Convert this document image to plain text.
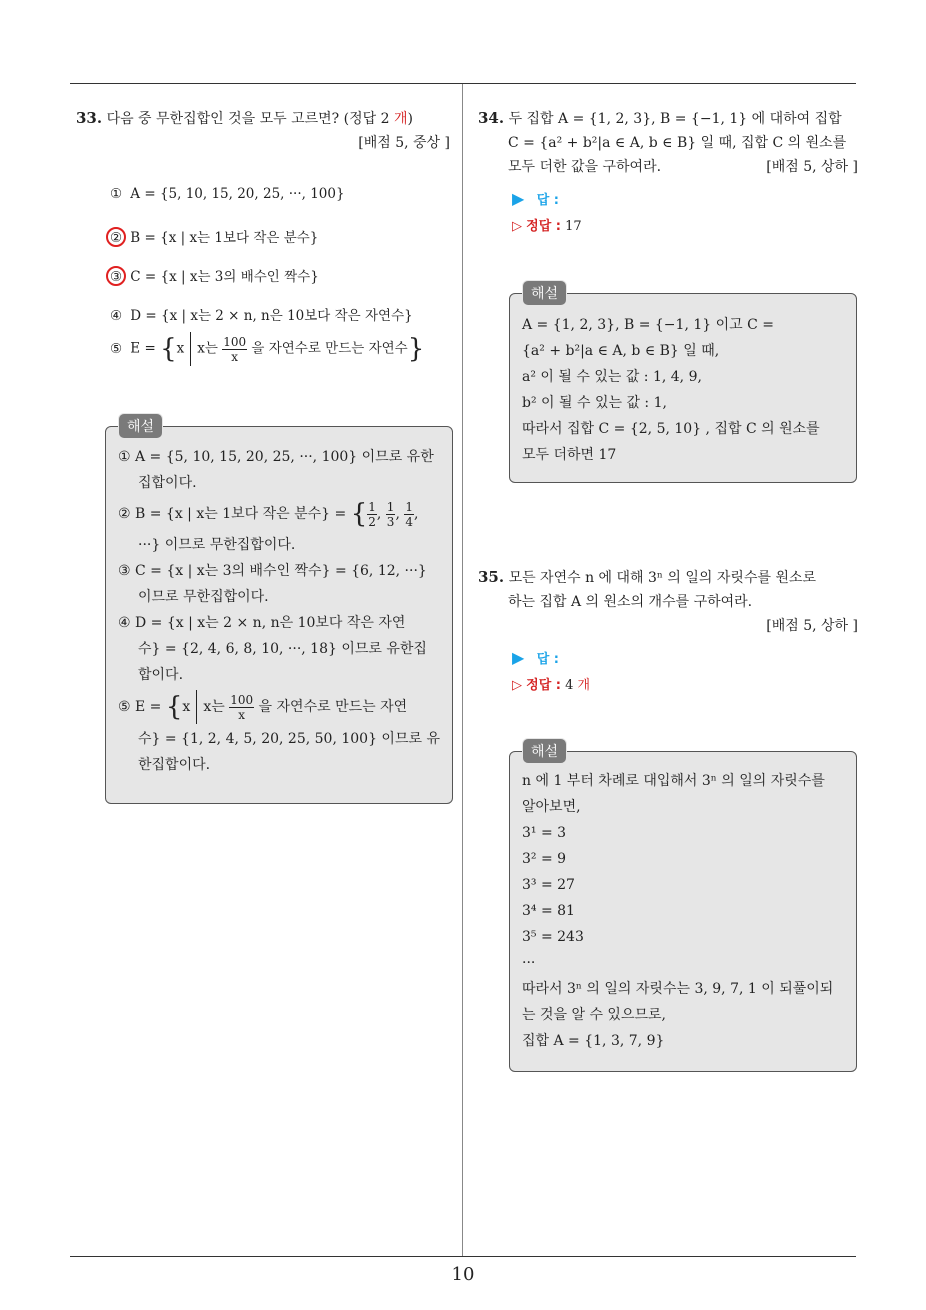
10
33. 다음 중 무한집합인 것을 모두 고르면? (정답 2 개)
[배점 5, 중상 ]
① A = {5, 10, 15, 20, 25, ···, 100}
② B = {x | x는 1보다 작은 분수}
③ C = {x | x는 3의 배수인 짝수}
④ D = {x | x는 2 × n, n은 10보다 작은 자연수}
⑤ E = {x x는 $\frac{100}{x}$ 을 자연수로 만드는 자연수}
해설
① A = {5, 10, 15, 20, 25, ···, 100} 이므로 유한
집합이다.
② B = {x | x는 1보다 작은 분수} = { $\frac{1}{2}$ , $\frac{1}{3}$ , $\frac{1}{4}$ ,
···} 이므로 무한집합이다.
③ C = {x | x는 3의 배수인 짝수} = {6, 12, ···}
이므로 무한집합이다.
④ D = {x | x는 2 × n, n은 10보다 작은 자연
수} = {2, 4, 6, 8, 10, ···, 18} 이므로 유한집
합이다.
⑤ E = {x x는 $\frac{100}{x}$ 을 자연수로 만드는 자연
수} = {1, 2, 4, 5, 20, 25, 50, 100} 이므로 유
한집합이다.
34. 두 집합 A = {1, 2, 3}, B = {−1, 1} 에 대하여 집합
C = {a² + b²|a ∈ A, b ∈ B} 일 때, 집합 C 의 원소를
모두 더한 값을 구하여라.	[배점 5, 상하 ]
▶ 답 :
▷ 정답 : 17
해설
A = {1, 2, 3}, B = {−1, 1} 이고 C =
{a² + b²|a ∈ A, b ∈ B} 일 때,
a² 이 될 수 있는 값 : 1, 4, 9,
b² 이 될 수 있는 값 : 1,
따라서 집합 C = {2, 5, 10} , 집합 C 의 원소를
모두 더하면 17
35. 모든 자연수 n 에 대해 3ⁿ 의 일의 자릿수를 원소로
하는 집합 A 의 원소의 개수를 구하여라.
[배점 5, 상하 ]
▶ 답 :
▷ 정답 : 4 개
해설
n 에 1 부터 차례로 대입해서 3ⁿ 의 일의 자릿수를
알아보면,
3¹ = 3
3² = 9
3³ = 27
3⁴ = 81
3⁵ = 243
···
따라서 3ⁿ 의 일의 자릿수는 3, 9, 7, 1 이 되풀이되
는 것을 알 수 있으므로,
집합 A = {1, 3, 7, 9}
